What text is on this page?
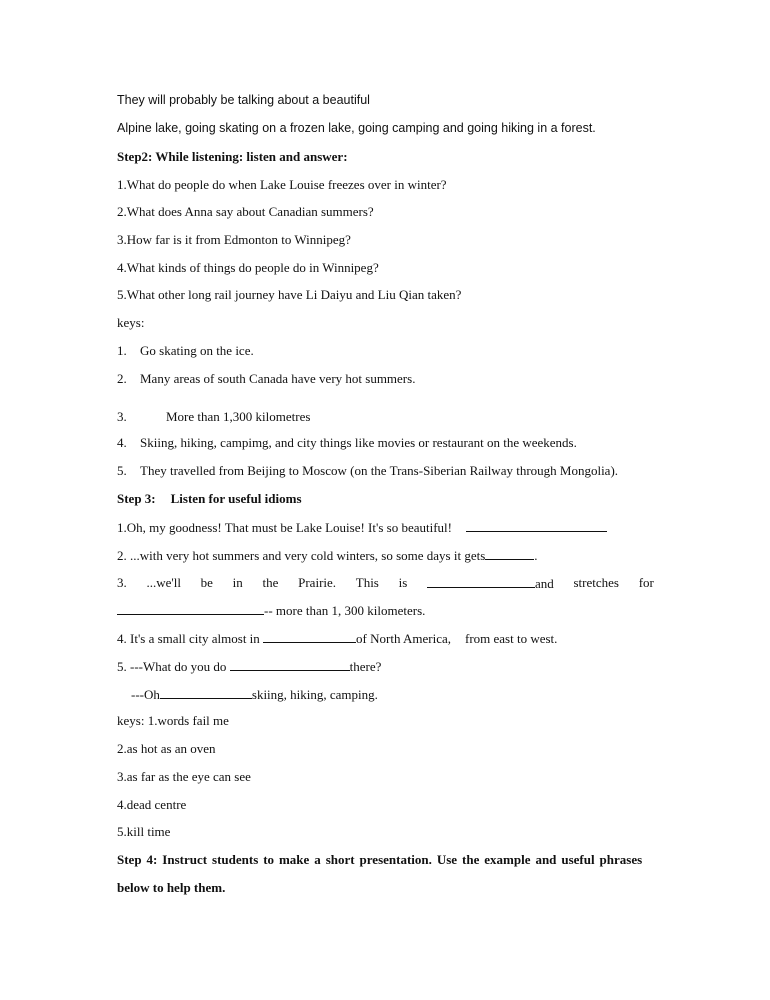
They will probably be talking about a beautiful
Alpine lake, going skating on a frozen lake, going camping and going hiking in a forest.
Step2: While listening: listen and answer:
1.What do people do when Lake Louise freezes over in winter?
2.What does Anna say about Canadian summers?
3.How far is it from Edmonton to Winnipeg?
4.What kinds of things do people do in Winnipeg?
5.What other long rail journey have Li Daiyu and Liu Qian taken?
keys:
1. Go skating on the ice.
2. Many areas of south Canada have very hot summers.
3.	More than 1,300 kilometres
4. Skiing, hiking, campimg, and city things like movies or restaurant on the weekends.
5. They travelled from Beijing to Moscow (on the Trans-Siberian Railway through Mongolia).
Step 3: Listen for useful idioms
1.Oh, my goodness! That must be Lake Louise! It's so beautiful!
2. ...with very hot summers and very cold winters, so some days it gets	.
3. ...we'll be in the Prairie. This is	and stretches for
-- more than 1, 300 kilometers.
4. It's a small city almost in	of North America, from east to west.
5. ---What do you do	there?
---Oh	skiing, hiking, camping.
keys: 1.words fail me
2.as hot as an oven
3.as far as the eye can see
4.dead centre
5.kill time
Step 4: Instruct students to make a short presentation. Use the example and useful phrases
below to help them.
